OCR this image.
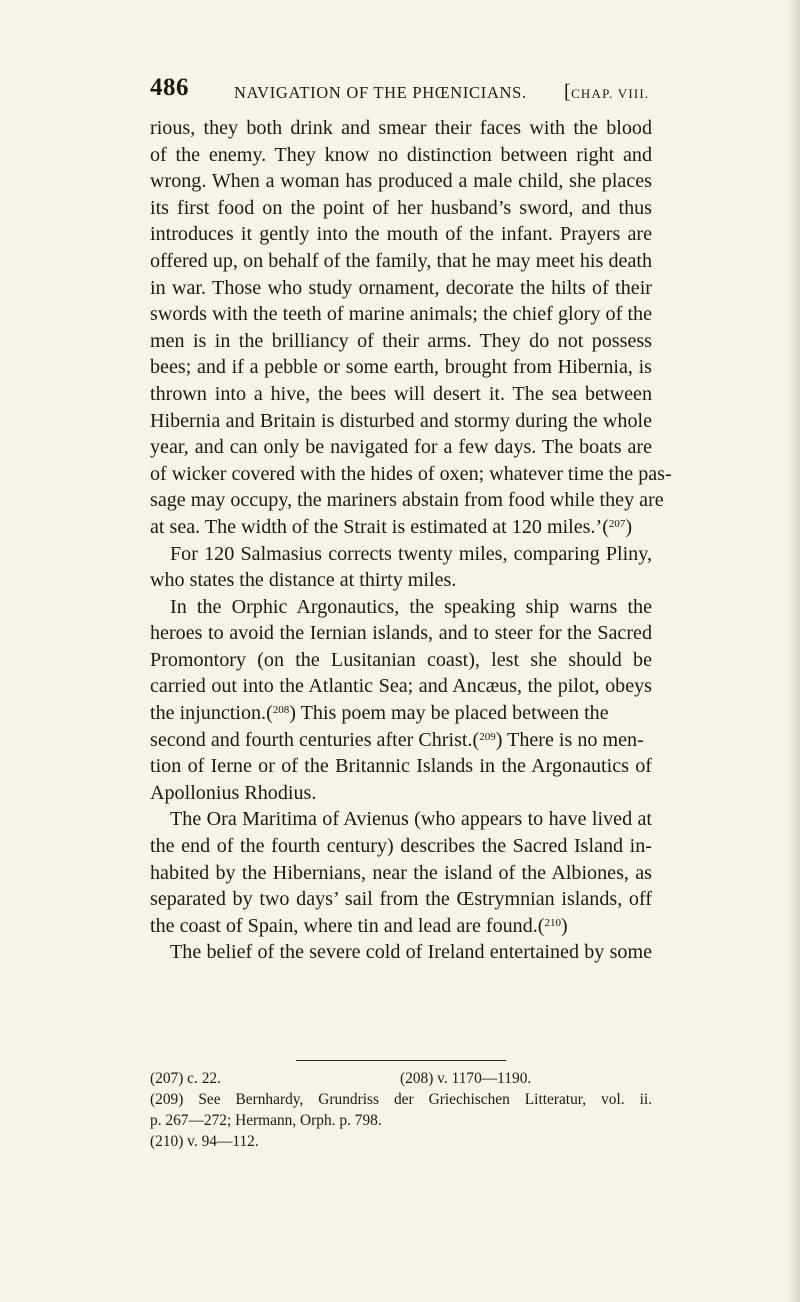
486	NAVIGATION OF THE PHŒNICIANS. [CHAP. VIII.
rious, they both drink and smear their faces with the blood
of the enemy. They know no distinction between right and
wrong. When a woman has produced a male child, she places
its first food on the point of her husband’s sword, and thus
introduces it gently into the mouth of the infant. Prayers are
offered up, on behalf of the family, that he may meet his death
in war. Those who study ornament, decorate the hilts of their
swords with the teeth of marine animals; the chief glory of the
men is in the brilliancy of their arms. They do not possess
bees; and if a pebble or some earth, brought from Hibernia, is
thrown into a hive, the bees will desert it. The sea between
Hibernia and Britain is disturbed and stormy during the whole
year, and can only be navigated for a few days. The boats are
of wicker covered with the hides of oxen; whatever time the pas-
sage may occupy, the mariners abstain from food while they are
at sea. The width of the Strait is estimated at 120 miles.’($^{207}$)
For 120 Salmasius corrects twenty miles, comparing Pliny,
who states the distance at thirty miles.
In the Orphic Argonautics, the speaking ship warns the
heroes to avoid the Iernian islands, and to steer for the Sacred
Promontory (on the Lusitanian coast), lest she should be
carried out into the Atlantic Sea; and Ancæus, the pilot, obeys
the injunction.($^{208}$) This poem may be placed between the
second and fourth centuries after Christ.($^{209}$) There is no men-
tion of Ierne or of the Britannic Islands in the Argonautics of
Apollonius Rhodius.
The Ora Maritima of Avienus (who appears to have lived at
the end of the fourth century) describes the Sacred Island in-
habited by the Hibernians, near the island of the Albiones, as
separated by two days’ sail from the Œstrymnian islands, off
the coast of Spain, where tin and lead are found.($^{210}$)
The belief of the severe cold of Ireland entertained by some
(207) c. 22.	(208) v. 1170—1190.
(209) See Bernhardy, Grundriss der Griechischen Litteratur, vol. ii.
p. 267—272; Hermann, Orph. p. 798.
(210) v. 94—112.
